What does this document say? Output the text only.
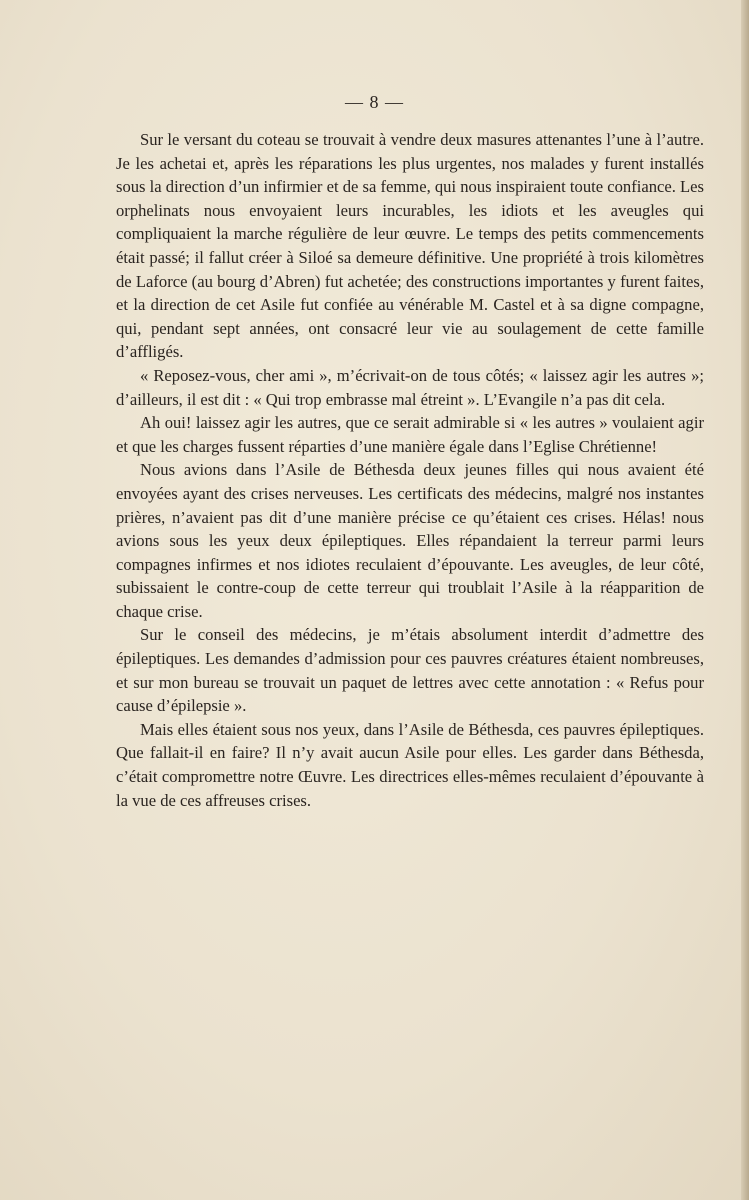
— 8 —

Sur le versant du coteau se trouvait à vendre deux masures attenantes l’une à l’autre. Je les achetai et, après les réparations les plus urgentes, nos malades y furent installés sous la direction d’un infirmier et de sa femme, qui nous inspiraient toute confiance. Les orphelinats nous envoyaient leurs incurables, les idiots et les aveugles qui compliquaient la marche régulière de leur œuvre. Le temps des petits commencements était passé; il fallut créer à Siloé sa demeure définitive. Une propriété à trois kilomètres de Laforce (au bourg d’Abren) fut achetée; des constructions importantes y furent faites, et la direction de cet Asile fut confiée au vénérable M. Castel et à sa digne compagne, qui, pendant sept années, ont consacré leur vie au soulagement de cette famille d’affligés.

« Reposez-vous, cher ami », m’écrivait-on de tous côtés; « laissez agir les autres »; d’ailleurs, il est dit : « Qui trop embrasse mal étreint ». L’Evangile n’a pas dit cela.

Ah oui! laissez agir les autres, que ce serait admirable si « les autres » voulaient agir et que les charges fussent réparties d’une manière égale dans l’Eglise Chrétienne!

Nous avions dans l’Asile de Béthesda deux jeunes filles qui nous avaient été envoyées ayant des crises nerveuses. Les certificats des médecins, malgré nos instantes prières, n’avaient pas dit d’une manière précise ce qu’étaient ces crises. Hélas! nous avions sous les yeux deux épileptiques. Elles répandaient la terreur parmi leurs compagnes infirmes et nos idiotes reculaient d’épouvante. Les aveugles, de leur côté, subissaient le contre-coup de cette terreur qui troublait l’Asile à la réapparition de chaque crise.

Sur le conseil des médecins, je m’étais absolument interdit d’admettre des épileptiques. Les demandes d’admission pour ces pauvres créatures étaient nombreuses, et sur mon bureau se trouvait un paquet de lettres avec cette annotation : « Refus pour cause d’épilepsie ».

Mais elles étaient sous nos yeux, dans l’Asile de Béthesda, ces pauvres épileptiques. Que fallait-il en faire? Il n’y avait aucun Asile pour elles. Les garder dans Béthesda, c’était compromettre notre Œuvre. Les directrices elles-mêmes reculaient d’épouvante à la vue de ces affreuses crises.
